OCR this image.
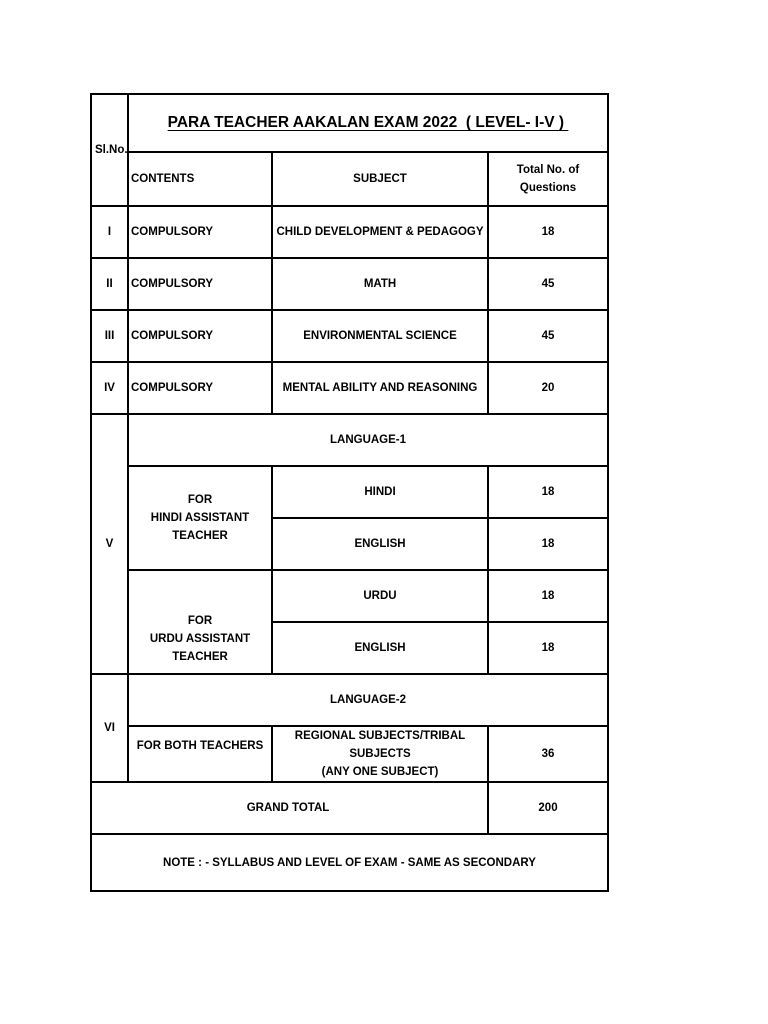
Sl.No.	PARA TEACHER AAKALAN EXAM 2022  ( LEVEL- I-V )		
	CONTENTS	SUBJECT	Total No. of
Questions

I	COMPULSORY	CHILD DEVELOPMENT & PEDAGOGY	18
II	COMPULSORY	MATH	45
III	COMPULSORY	ENVIRONMENTAL SCIENCE	45
IV	COMPULSORY	MENTAL ABILITY AND REASONING	20
V	LANGUAGE-1		

	FOR
HINDI ASSISTANT
TEACHER	HINDI	18
		ENGLISH	18

	FOR
URDU ASSISTANT
TEACHER	URDU	18
		ENGLISH	18
VI	LANGUAGE-2		
	FOR BOTH TEACHERS	REGIONAL SUBJECTS/TRIBAL SUBJECTS
(ANY ONE SUBJECT)	36
GRAND TOTAL			200
NOTE : - SYLLABUS AND LEVEL OF EXAM - SAME AS SECONDARY			
